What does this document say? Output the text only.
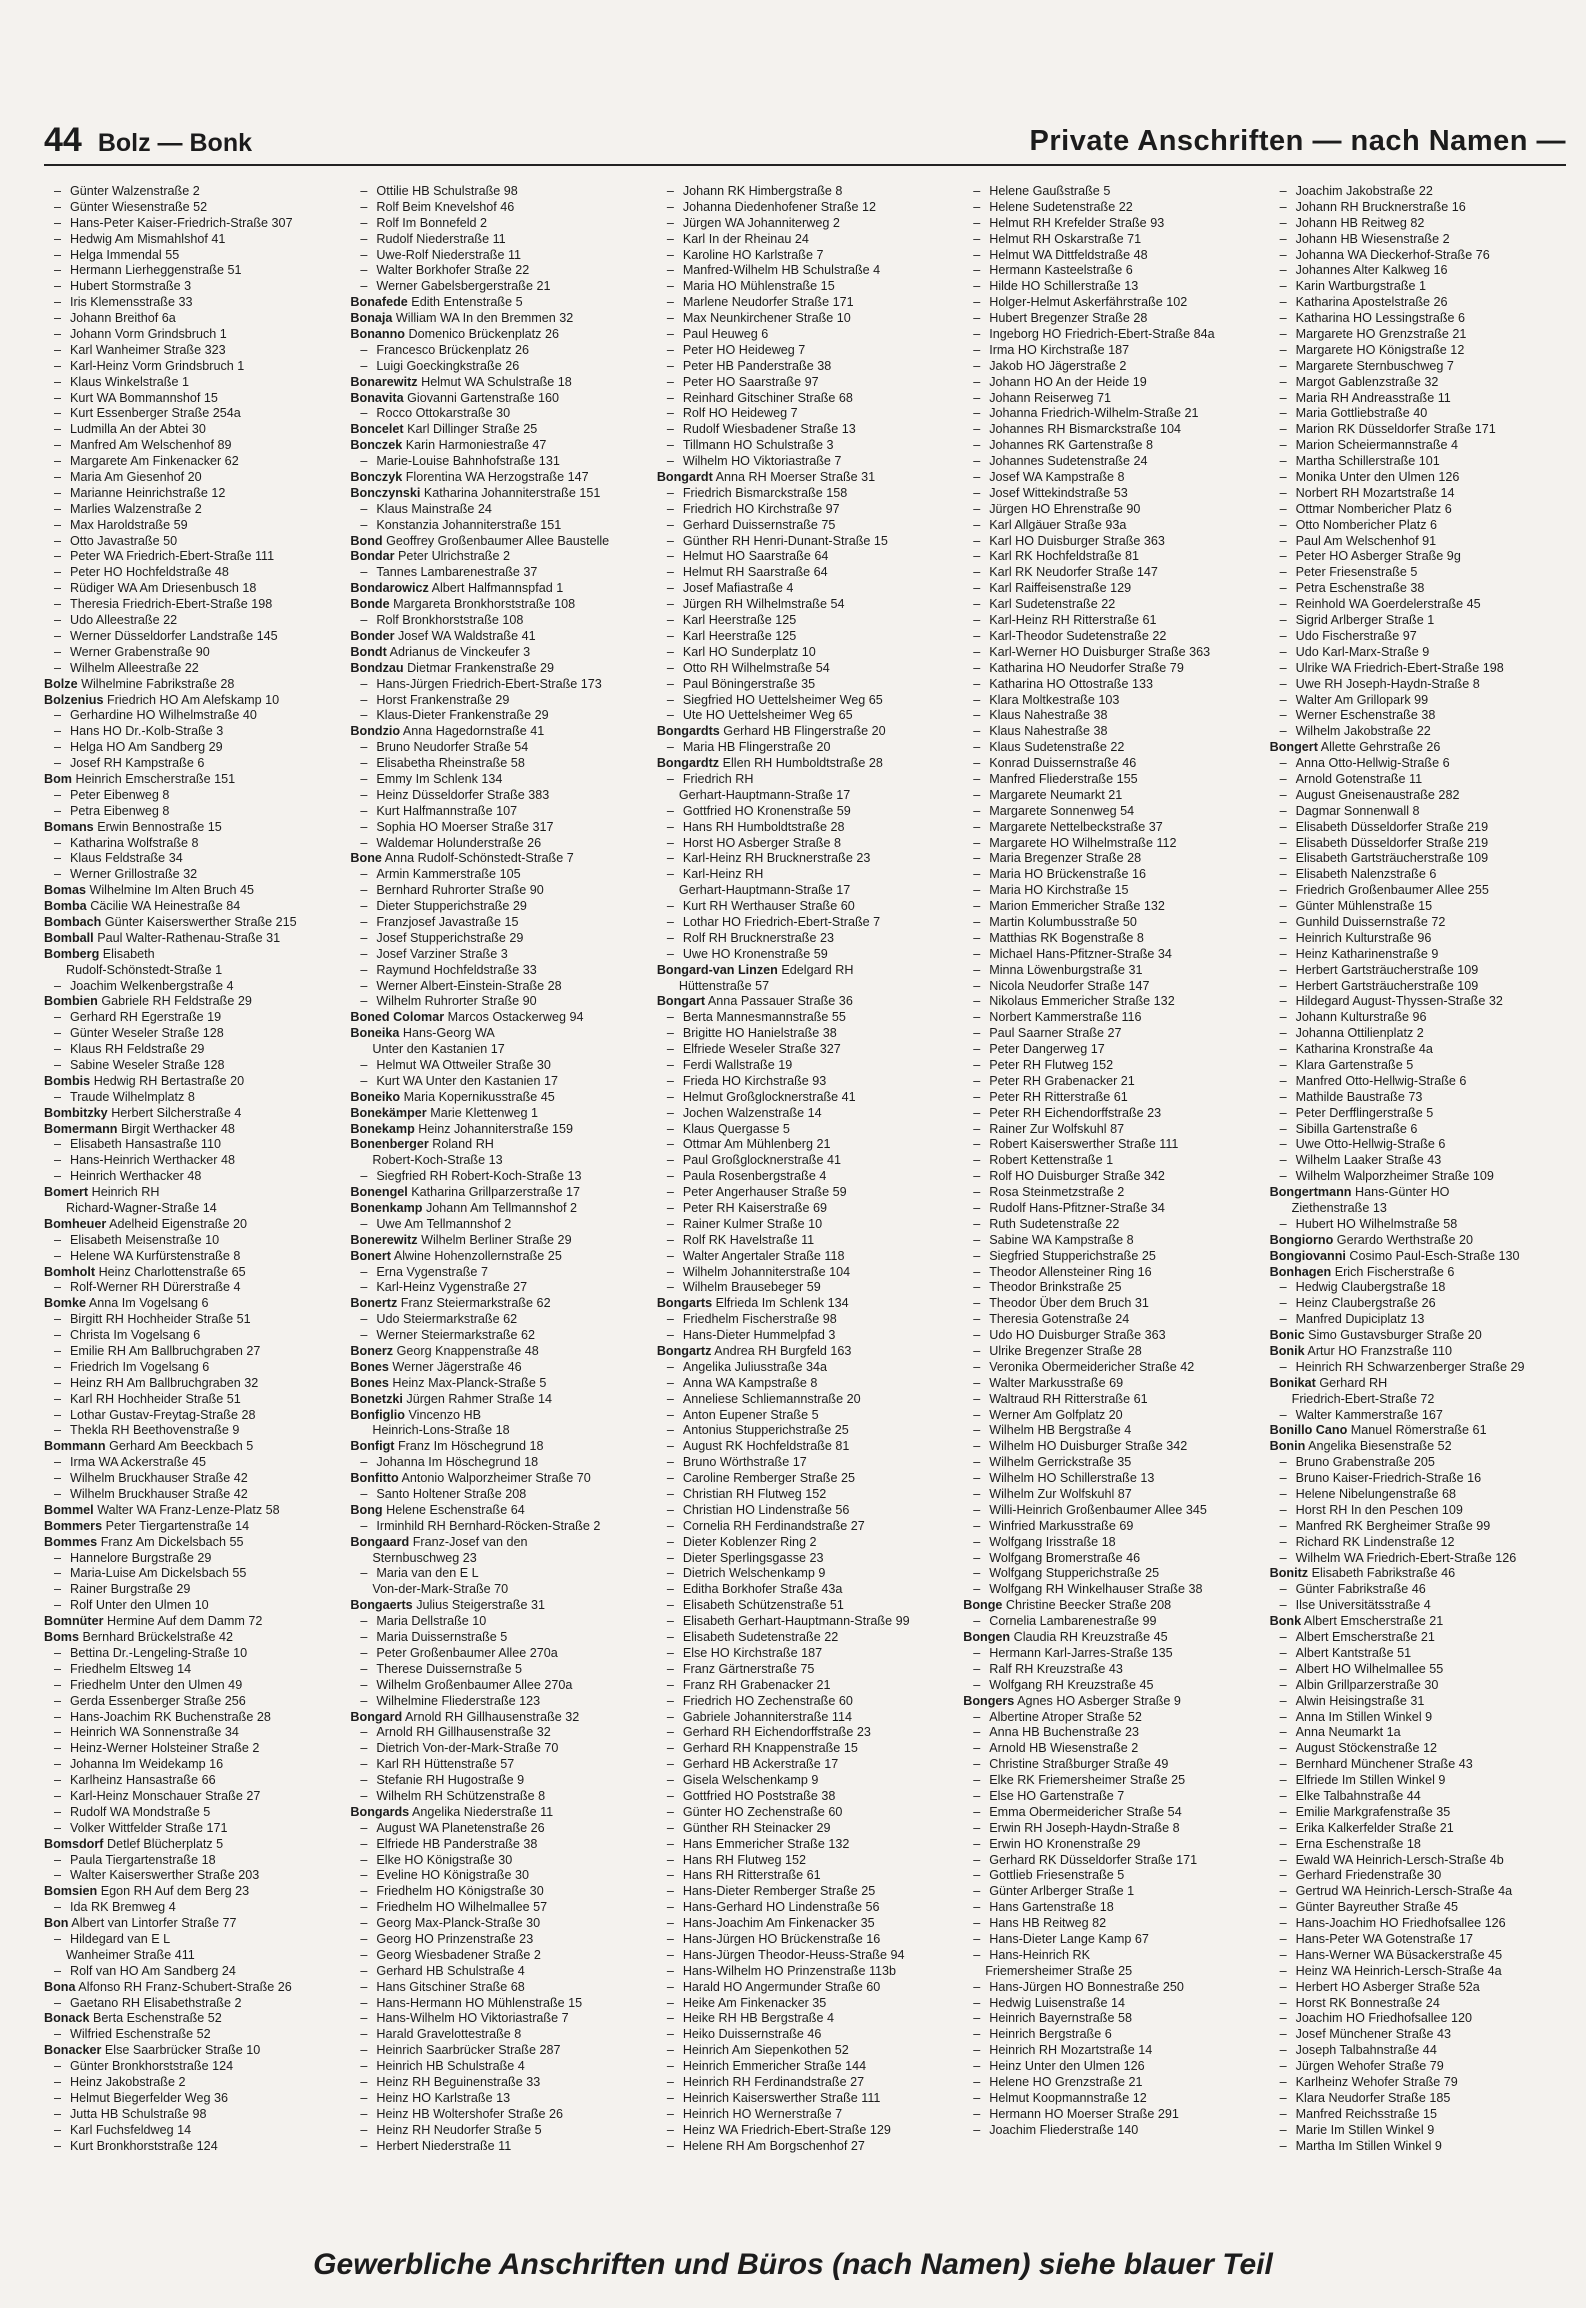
44 Bolz — Bonk	Private Anschriften — nach Namen —
– Günter Walzenstraße 2
– Günter Wiesenstraße 52
– Hans-Peter Kaiser-Friedrich-Straße 307
– Hedwig Am Mismahlshof 41
– Helga Immendal 55
– Hermann Lierheggenstraße 51
– Hubert Stormstraße 3
– Iris Klemensstraße 33
– Johann Breithof 6a
– Johann Vorm Grindsbruch 1
– Karl Wanheimer Straße 323
– Karl-Heinz Vorm Grindsbruch 1
– Klaus Winkelstraße 1
– Kurt WA Bommannshof 15
– Kurt Essenberger Straße 254a
– Ludmilla An der Abtei 30
– Manfred Am Welschenhof 89
– Margarete Am Finkenacker 62
– Maria Am Giesenhof 20
– Marianne Heinrichstraße 12
– Marlies Walzenstraße 2
– Max Haroldstraße 59
– Otto Javastraße 50
– Peter WA Friedrich-Ebert-Straße 111
– Peter HO Hochfeldstraße 48
– Rüdiger WA Am Driesenbusch 18
– Theresia Friedrich-Ebert-Straße 198
– Udo Alleestraße 22
– Werner Düsseldorfer Landstraße 145
– Werner Grabenstraße 90
– Wilhelm Alleestraße 22
Bolze Wilhelmine Fabrikstraße 28
Bolzenius Friedrich HO Am Alefskamp 10
– Gerhardine HO Wilhelmstraße 40
– Hans HO Dr.-Kolb-Straße 3
– Helga HO Am Sandberg 29
– Josef RH Kampstraße 6
Bom Heinrich Emscherstraße 151
– Peter Eibenweg 8
– Petra Eibenweg 8
Bomans Erwin Bennostraße 15
– Katharina Wolfstraße 8
– Klaus Feldstraße 34
– Werner Grillostraße 32
Bomas Wilhelmine Im Alten Bruch 45
Bomba Cäcilie WA Heinestraße 84
Bombach Günter Kaiserswerther Straße 215
Bomball Paul Walter-Rathenau-Straße 31
Bomberg Elisabeth
Rudolf-Schönstedt-Straße 1
– Joachim Welkenbergstraße 4
Bombien Gabriele RH Feldstraße 29
– Gerhard RH Egerstraße 19
– Günter Weseler Straße 128
– Klaus RH Feldstraße 29
– Sabine Weseler Straße 128
Bombis Hedwig RH Bertastraße 20
– Traude Wilhelmplatz 8
Bombitzky Herbert Silcherstraße 4
Bomermann Birgit Werthacker 48
– Elisabeth Hansastraße 110
– Hans-Heinrich Werthacker 48
– Heinrich Werthacker 48
Bomert Heinrich RH
Richard-Wagner-Straße 14
Bomheuer Adelheid Eigenstraße 20
– Elisabeth Meisenstraße 10
– Helene WA Kurfürstenstraße 8
Bomholt Heinz Charlottenstraße 65
– Rolf-Werner RH Dürerstraße 4
Bomke Anna Im Vogelsang 6
– Birgitt RH Hochheider Straße 51
– Christa Im Vogelsang 6
– Emilie RH Am Ballbruchgraben 27
– Friedrich Im Vogelsang 6
– Heinz RH Am Ballbruchgraben 32
– Karl RH Hochheider Straße 51
– Lothar Gustav-Freytag-Straße 28
– Thekla RH Beethovenstraße 9
Bommann Gerhard Am Beeckbach 5
– Irma WA Ackerstraße 45
– Wilhelm Bruckhauser Straße 42
– Wilhelm Bruckhauser Straße 42
Bommel Walter WA Franz-Lenze-Platz 58
Bommers Peter Tiergartenstraße 14
Bommes Franz Am Dickelsbach 55
– Hannelore Burgstraße 29
– Maria-Luise Am Dickelsbach 55
– Rainer Burgstraße 29
– Rolf Unter den Ulmen 10
Bomnüter Hermine Auf dem Damm 72
Boms Bernhard Brückelstraße 42
– Bettina Dr.-Lengeling-Straße 10
– Friedhelm Eltsweg 14
– Friedhelm Unter den Ulmen 49
– Gerda Essenberger Straße 256
– Hans-Joachim RK Buchenstraße 28
– Heinrich WA Sonnenstraße 34
– Heinz-Werner Holsteiner Straße 2
– Johanna Im Weidekamp 16
– Karlheinz Hansastraße 66
– Karl-Heinz Monschauer Straße 27
– Rudolf WA Mondstraße 5
– Volker Wittfelder Straße 171
Bomsdorf Detlef Blücherplatz 5
– Paula Tiergartenstraße 18
– Walter Kaiserswerther Straße 203
Bomsien Egon RH Auf dem Berg 23
– Ida RK Bremweg 4
Bon Albert van Lintorfer Straße 77
– Hildegard van E L
Wanheimer Straße 411
– Rolf van HO Am Sandberg 24
Bona Alfonso RH Franz-Schubert-Straße 26
– Gaetano RH Elisabethstraße 2
Bonack Berta Eschenstraße 52
– Wilfried Eschenstraße 52
Bonacker Else Saarbrücker Straße 10
– Günter Bronkhorststraße 124
– Heinz Jakobstraße 2
– Helmut Biegerfelder Weg 36
– Jutta HB Schulstraße 98
– Karl Fuchsfeldweg 14
– Kurt Bronkhorststraße 124
– Ottilie HB Schulstraße 98
– Rolf Beim Knevelshof 46
– Rolf Im Bonnefeld 2
– Rudolf Niederstraße 11
– Uwe-Rolf Niederstraße 11
– Walter Borkhofer Straße 22
– Werner Gabelsbergerstraße 21
Bonafede Edith Entenstraße 5
Bonaja William WA In den Bremmen 32
Bonanno Domenico Brückenplatz 26
– Francesco Brückenplatz 26
– Luigi Goeckingkstraße 26
Bonarewitz Helmut WA Schulstraße 18
Bonavita Giovanni Gartenstraße 160
– Rocco Ottokarstraße 30
Boncelet Karl Dillinger Straße 25
Bonczek Karin Harmoniestraße 47
– Marie-Louise Bahnhofstraße 131
Bonczyk Florentina WA Herzogstraße 147
Bonczynski Katharina Johanniterstraße 151
– Klaus Mainstraße 24
– Konstanzia Johanniterstraße 151
Bond Geoffrey Großenbaumer Allee Baustelle
Bondar Peter Ulrichstraße 2
– Tannes Lambarenestraße 37
Bondarowicz Albert Halfmannspfad 1
Bonde Margareta Bronkhorststraße 108
– Rolf Bronkhorststraße 108
Bonder Josef WA Waldstraße 41
Bondt Adrianus de Vinckeufer 3
Bondzau Dietmar Frankenstraße 29
– Hans-Jürgen Friedrich-Ebert-Straße 173
– Horst Frankenstraße 29
– Klaus-Dieter Frankenstraße 29
Bondzio Anna Hagedornstraße 41
– Bruno Neudorfer Straße 54
– Elisabetha Rheinstraße 58
– Emmy Im Schlenk 134
– Heinz Düsseldorfer Straße 383
– Kurt Halfmannstraße 107
– Sophia HO Moerser Straße 317
– Waldemar Holunderstraße 26
Bone Anna Rudolf-Schönstedt-Straße 7
– Armin Kammerstraße 105
– Bernhard Ruhrorter Straße 90
– Dieter Stupperichstraße 29
– Franzjosef Javastraße 15
– Josef Stupperichstraße 29
– Josef Varziner Straße 3
– Raymund Hochfeldstraße 33
– Werner Albert-Einstein-Straße 28
– Wilhelm Ruhrorter Straße 90
Boned Colomar Marcos Ostackerweg 94
Boneika Hans-Georg WA
Unter den Kastanien 17
– Helmut WA Ottweiler Straße 30
– Kurt WA Unter den Kastanien 17
Boneiko Maria Kopernikusstraße 45
Bonekämper Marie Klettenweg 1
Bonekamp Heinz Johanniterstraße 159
Bonenberger Roland RH
Robert-Koch-Straße 13
– Siegfried RH Robert-Koch-Straße 13
Bonengel Katharina Grillparzerstraße 17
Bonenkamp Johann Am Tellmannshof 2
– Uwe Am Tellmannshof 2
Bonerewitz Wilhelm Berliner Straße 29
Bonert Alwine Hohenzollernstraße 25
– Erna Vygenstraße 7
– Karl-Heinz Vygenstraße 27
Bonertz Franz Steiermarkstraße 62
– Udo Steiermarkstraße 62
– Werner Steiermarkstraße 62
Bonerz Georg Knappenstraße 48
Bones Werner Jägerstraße 46
Bones Heinz Max-Planck-Straße 5
Bonetzki Jürgen Rahmer Straße 14
Bonfiglio Vincenzo HB
Heinrich-Lons-Straße 18
Bonfigt Franz Im Höschegrund 18
– Johanna Im Höschegrund 18
Bonfitto Antonio Walporzheimer Straße 70
– Santo Holtener Straße 208
Bong Helene Eschenstraße 64
– Irminhild RH Bernhard-Röcken-Straße 2
Bongaard Franz-Josef van den
Sternbuschweg 23
– Maria van den E L
Von-der-Mark-Straße 70
Bongaerts Julius Steigerstraße 31
– Maria Dellstraße 10
– Maria Duissernstraße 5
– Peter Großenbaumer Allee 270a
– Therese Duissernstraße 5
– Wilhelm Großenbaumer Allee 270a
– Wilhelmine Fliederstraße 123
Bongard Arnold RH Gillhausenstraße 32
– Arnold RH Gillhausenstraße 32
– Dietrich Von-der-Mark-Straße 70
– Karl RH Hüttenstraße 57
– Stefanie RH Hugostraße 9
– Wilhelm RH Schützenstraße 8
Bongards Angelika Niederstraße 11
– August WA Planetenstraße 26
– Elfriede HB Panderstraße 38
– Elke HO Königstraße 30
– Eveline HO Königstraße 30
– Friedhelm HO Königstraße 30
– Friedhelm HO Wilhelmallee 57
– Georg Max-Planck-Straße 30
– Georg HO Prinzenstraße 23
– Georg Wiesbadener Straße 2
– Gerhard HB Schulstraße 4
– Hans Gitschiner Straße 68
– Hans-Hermann HO Mühlenstraße 15
– Hans-Wilhelm HO Viktoriastraße 7
– Harald Gravelottestraße 8
– Heinrich Saarbrücker Straße 287
– Heinrich HB Schulstraße 4
– Heinz RH Beguinenstraße 33
– Heinz HO Karlstraße 13
– Heinz HB Woltershofer Straße 26
– Heinz RH Neudorfer Straße 5
– Herbert Niederstraße 11
– Johann RK Himbergstraße 8
– Johanna Diedenhofener Straße 12
– Jürgen WA Johanniterweg 2
– Karl In der Rheinau 24
– Karoline HO Karlstraße 7
– Manfred-Wilhelm HB Schulstraße 4
– Maria HO Mühlenstraße 15
– Marlene Neudorfer Straße 171
– Max Neunkirchener Straße 10
– Paul Heuweg 6
– Peter HO Heideweg 7
– Peter HB Panderstraße 38
– Peter HO Saarstraße 97
– Reinhard Gitschiner Straße 68
– Rolf HO Heideweg 7
– Rudolf Wiesbadener Straße 13
– Tillmann HO Schulstraße 3
– Wilhelm HO Viktoriastraße 7
Bongardt Anna RH Moerser Straße 31
– Friedrich Bismarckstraße 158
– Friedrich HO Kirchstraße 97
– Gerhard Duissernstraße 75
– Günther RH Henri-Dunant-Straße 15
– Helmut HO Saarstraße 64
– Helmut RH Saarstraße 64
– Josef Mafiastraße 4
– Jürgen RH Wilhelmstraße 54
– Karl Heerstraße 125
– Karl Heerstraße 125
– Karl HO Sunderplatz 10
– Otto RH Wilhelmstraße 54
– Paul Böningerstraße 35
– Siegfried HO Uettelsheimer Weg 65
– Ute HO Uettelsheimer Weg 65
Bongardts Gerhard HB Flingerstraße 20
– Maria HB Flingerstraße 20
Bongardtz Ellen RH Humboldtstraße 28
– Friedrich RH
Gerhart-Hauptmann-Straße 17
– Gottfried HO Kronenstraße 59
– Hans RH Humboldtstraße 28
– Horst HO Asberger Straße 8
– Karl-Heinz RH Brucknerstraße 23
– Karl-Heinz RH
Gerhart-Hauptmann-Straße 17
– Kurt RH Werthauser Straße 60
– Lothar HO Friedrich-Ebert-Straße 7
– Rolf RH Brucknerstraße 23
– Uwe HO Kronenstraße 59
Bongard-van Linzen Edelgard RH
Hüttenstraße 57
Bongart Anna Passauer Straße 36
– Berta Mannesmannstraße 55
– Brigitte HO Hanielstraße 38
– Elfriede Weseler Straße 327
– Ferdi Wallstraße 19
– Frieda HO Kirchstraße 93
– Helmut Großglocknerstraße 41
– Jochen Walzenstraße 14
– Klaus Quergasse 5
– Ottmar Am Mühlenberg 21
– Paul Großglocknerstraße 41
– Paula Rosenbergstraße 4
– Peter Angerhauser Straße 59
– Peter RH Kaiserstraße 69
– Rainer Kulmer Straße 10
– Rolf RK Havelstraße 11
– Walter Angertaler Straße 118
– Wilhelm Johanniterstraße 104
– Wilhelm Brausebeger 59
Bongarts Elfrieda Im Schlenk 134
– Friedhelm Fischerstraße 98
– Hans-Dieter Hummelpfad 3
Bongartz Andrea RH Burgfeld 163
– Angelika Juliusstraße 34a
– Anna WA Kampstraße 8
– Anneliese Schliemannstraße 20
– Anton Eupener Straße 5
– Antonius Stupperichstraße 25
– August RK Hochfeldstraße 81
– Bruno Wörthstraße 17
– Caroline Remberger Straße 25
– Christian RH Flutweg 152
– Christian HO Lindenstraße 56
– Cornelia RH Ferdinandstraße 27
– Dieter Koblenzer Ring 2
– Dieter Sperlingsgasse 23
– Dietrich Welschenkamp 9
– Editha Borkhofer Straße 43a
– Elisabeth Schützenstraße 51
– Elisabeth Gerhart-Hauptmann-Straße 99
– Elisabeth Sudetenstraße 22
– Else HO Kirchstraße 187
– Franz Gärtnerstraße 75
– Franz RH Grabenacker 21
– Friedrich HO Zechenstraße 60
– Gabriele Johanniterstraße 114
– Gerhard RH Eichendorffstraße 23
– Gerhard RH Knappenstraße 15
– Gerhard HB Ackerstraße 17
– Gisela Welschenkamp 9
– Gottfried HO Poststraße 38
– Günter HO Zechenstraße 60
– Günther RH Steinacker 29
– Hans Emmericher Straße 132
– Hans RH Flutweg 152
– Hans RH Ritterstraße 61
– Hans-Dieter Remberger Straße 25
– Hans-Gerhard HO Lindenstraße 56
– Hans-Joachim Am Finkenacker 35
– Hans-Jürgen HO Brückenstraße 16
– Hans-Jürgen Theodor-Heuss-Straße 94
– Hans-Wilhelm HO Prinzenstraße 113b
– Harald HO Angermunder Straße 60
– Heike Am Finkenacker 35
– Heike RH HB Bergstraße 4
– Heiko Duissernstraße 46
– Heinrich Am Siepenkothen 52
– Heinrich Emmericher Straße 144
– Heinrich RH Ferdinandstraße 27
– Heinrich Kaiserswerther Straße 111
– Heinrich HO Wernerstraße 7
– Heinz WA Friedrich-Ebert-Straße 129
– Helene RH Am Borgschenhof 27
– Helene Gaußstraße 5
– Helene Sudetenstraße 22
– Helmut RH Krefelder Straße 93
– Helmut RH Oskarstraße 71
– Helmut WA Dittfeldstraße 48
– Hermann Kasteelstraße 6
– Hilde HO Schillerstraße 13
– Holger-Helmut Askerfährstraße 102
– Hubert Bregenzer Straße 28
– Ingeborg HO Friedrich-Ebert-Straße 84a
– Irma HO Kirchstraße 187
– Jakob HO Jägerstraße 2
– Johann HO An der Heide 19
– Johann Reiserweg 71
– Johanna Friedrich-Wilhelm-Straße 21
– Johannes RH Bismarckstraße 104
– Johannes RK Gartenstraße 8
– Johannes Sudetenstraße 24
– Josef WA Kampstraße 8
– Josef Wittekindstraße 53
– Jürgen HO Ehrenstraße 90
– Karl Allgäuer Straße 93a
– Karl HO Duisburger Straße 363
– Karl RK Hochfeldstraße 81
– Karl RK Neudorfer Straße 147
– Karl Raiffeisenstraße 129
– Karl Sudetenstraße 22
– Karl-Heinz RH Ritterstraße 61
– Karl-Theodor Sudetenstraße 22
– Karl-Werner HO Duisburger Straße 363
– Katharina HO Neudorfer Straße 79
– Katharina HO Ottostraße 133
– Klara Moltkestraße 103
– Klaus Nahestraße 38
– Klaus Nahestraße 38
– Klaus Sudetenstraße 22
– Konrad Duissernstraße 46
– Manfred Fliederstraße 155
– Margarete Neumarkt 21
– Margarete Sonnenweg 54
– Margarete Nettelbeckstraße 37
– Margarete HO Wilhelmstraße 112
– Maria Bregenzer Straße 28
– Maria HO Brückenstraße 16
– Maria HO Kirchstraße 15
– Marion Emmericher Straße 132
– Martin Kolumbusstraße 50
– Matthias RK Bogenstraße 8
– Michael Hans-Pfitzner-Straße 34
– Minna Löwenburgstraße 31
– Nicola Neudorfer Straße 147
– Nikolaus Emmericher Straße 132
– Norbert Kammerstraße 116
– Paul Saarner Straße 27
– Peter Dangerweg 17
– Peter RH Flutweg 152
– Peter RH Grabenacker 21
– Peter RH Ritterstraße 61
– Peter RH Eichendorffstraße 23
– Rainer Zur Wolfskuhl 87
– Robert Kaiserswerther Straße 111
– Robert Kettenstraße 1
– Rolf HO Duisburger Straße 342
– Rosa Steinmetzstraße 2
– Rudolf Hans-Pfitzner-Straße 34
– Ruth Sudetenstraße 22
– Sabine WA Kampstraße 8
– Siegfried Stupperichstraße 25
– Theodor Allensteiner Ring 16
– Theodor Brinkstraße 25
– Theodor Über dem Bruch 31
– Theresia Gotenstraße 24
– Udo HO Duisburger Straße 363
– Ulrike Bregenzer Straße 28
– Veronika Obermeidericher Straße 42
– Walter Markusstraße 69
– Waltraud RH Ritterstraße 61
– Werner Am Golfplatz 20
– Wilhelm HB Bergstraße 4
– Wilhelm HO Duisburger Straße 342
– Wilhelm Gerrickstraße 35
– Wilhelm HO Schillerstraße 13
– Wilhelm Zur Wolfskuhl 87
– Willi-Heinrich Großenbaumer Allee 345
– Winfried Markusstraße 69
– Wolfgang Irisstraße 18
– Wolfgang Bromerstraße 46
– Wolfgang Stupperichstraße 25
– Wolfgang RH Winkelhauser Straße 38
Bonge Christine Beecker Straße 208
– Cornelia Lambarenestraße 99
Bongen Claudia RH Kreuzstraße 45
– Hermann Karl-Jarres-Straße 135
– Ralf RH Kreuzstraße 43
– Wolfgang RH Kreuzstraße 45
Bongers Agnes HO Asberger Straße 9
– Albertine Atroper Straße 52
– Anna HB Buchenstraße 23
– Arnold HB Wiesenstraße 2
– Christine Straßburger Straße 49
– Elke RK Friemersheimer Straße 25
– Else HO Gartenstraße 7
– Emma Obermeidericher Straße 54
– Erwin RH Joseph-Haydn-Straße 8
– Erwin HO Kronenstraße 29
– Gerhard RK Düsseldorfer Straße 171
– Gottlieb Friesenstraße 5
– Günter Arlberger Straße 1
– Hans Gartenstraße 18
– Hans HB Reitweg 82
– Hans-Dieter Lange Kamp 67
– Hans-Heinrich RK
Friemersheimer Straße 25
– Hans-Jürgen HO Bonnestraße 250
– Hedwig Luisenstraße 14
– Heinrich Bayernstraße 58
– Heinrich Bergstraße 6
– Heinrich RH Mozartstraße 14
– Heinz Unter den Ulmen 126
– Helene HO Grenzstraße 21
– Helmut Koopmannstraße 12
– Hermann HO Moerser Straße 291
– Joachim Fliederstraße 140
– Joachim Jakobstraße 22
– Johann RH Brucknerstraße 16
– Johann HB Reitweg 82
– Johann HB Wiesenstraße 2
– Johanna WA Dieckerhof-Straße 76
– Johannes Alter Kalkweg 16
– Karin Wartburgstraße 1
– Katharina Apostelstraße 26
– Katharina HO Lessingstraße 6
– Margarete HO Grenzstraße 21
– Margarete HO Königstraße 12
– Margarete Sternbuschweg 7
– Margot Gablenzstraße 32
– Maria RH Andreasstraße 11
– Maria Gottliebstraße 40
– Marion RK Düsseldorfer Straße 171
– Marion Scheiermannstraße 4
– Martha Schillerstraße 101
– Monika Unter den Ulmen 126
– Norbert RH Mozartstraße 14
– Ottmar Nombericher Platz 6
– Otto Nombericher Platz 6
– Paul Am Welschenhof 91
– Peter HO Asberger Straße 9g
– Peter Friesenstraße 5
– Petra Eschenstraße 38
– Reinhold WA Goerdelerstraße 45
– Sigrid Arlberger Straße 1
– Udo Fischerstraße 97
– Udo Karl-Marx-Straße 9
– Ulrike WA Friedrich-Ebert-Straße 198
– Uwe RH Joseph-Haydn-Straße 8
– Walter Am Grillopark 99
– Werner Eschenstraße 38
– Wilhelm Jakobstraße 22
Bongert Allette Gehrstraße 26
– Anna Otto-Hellwig-Straße 6
– Arnold Gotenstraße 11
– August Gneisenaustraße 282
– Dagmar Sonnenwall 8
– Elisabeth Düsseldorfer Straße 219
– Elisabeth Düsseldorfer Straße 219
– Elisabeth Gartsträucherstraße 109
– Elisabeth Nalenzstraße 6
– Friedrich Großenbaumer Allee 255
– Günter Mühlenstraße 15
– Gunhild Duissernstraße 72
– Heinrich Kulturstraße 96
– Heinz Katharinenstraße 9
– Herbert Gartsträucherstraße 109
– Herbert Gartsträucherstraße 109
– Hildegard August-Thyssen-Straße 32
– Johann Kulturstraße 96
– Johanna Ottilienplatz 2
– Katharina Kronstraße 4a
– Klara Gartenstraße 5
– Manfred Otto-Hellwig-Straße 6
– Mathilde Baustraße 73
– Peter Derfflingerstraße 5
– Sibilla Gartenstraße 6
– Uwe Otto-Hellwig-Straße 6
– Wilhelm Laaker Straße 43
– Wilhelm Walporzheimer Straße 109
Bongertmann Hans-Günter HO
Ziethenstraße 13
– Hubert HO Wilhelmstraße 58
Bongiorno Gerardo Werthstraße 20
Bongiovanni Cosimo Paul-Esch-Straße 130
Bonhagen Erich Fischerstraße 6
– Hedwig Claubergstraße 18
– Heinz Claubergstraße 26
– Manfred Dupiciplatz 13
Bonic Simo Gustavsburger Straße 20
Bonik Artur HO Franzstraße 110
– Heinrich RH Schwarzenberger Straße 29
Bonikat Gerhard RH
Friedrich-Ebert-Straße 72
– Walter Kammerstraße 167
Bonillo Cano Manuel Römerstraße 61
Bonin Angelika Biesenstraße 52
– Bruno Grabenstraße 205
– Bruno Kaiser-Friedrich-Straße 16
– Helene Nibelungenstraße 68
– Horst RH In den Peschen 109
– Manfred RK Bergheimer Straße 99
– Richard RK Lindenstraße 12
– Wilhelm WA Friedrich-Ebert-Straße 126
Bonitz Elisabeth Fabrikstraße 46
– Günter Fabrikstraße 46
– Ilse Universitätsstraße 4
Bonk Albert Emscherstraße 21
– Albert Emscherstraße 21
– Albert Kantstraße 51
– Albert HO Wilhelmallee 55
– Albin Grillparzerstraße 30
– Alwin Heisingstraße 31
– Anna Im Stillen Winkel 9
– Anna Neumarkt 1a
– August Stöckenstraße 12
– Bernhard Münchener Straße 43
– Elfriede Im Stillen Winkel 9
– Elke Talbahnstraße 44
– Emilie Markgrafenstraße 35
– Erika Kalkerfelder Straße 21
– Erna Eschenstraße 18
– Ewald WA Heinrich-Lersch-Straße 4b
– Gerhard Friedenstraße 30
– Gertrud WA Heinrich-Lersch-Straße 4a
– Günter Bayreuther Straße 45
– Hans-Joachim HO Friedhofsallee 126
– Hans-Peter WA Gotenstraße 17
– Hans-Werner WA Büsackerstraße 45
– Heinz WA Heinrich-Lersch-Straße 4a
– Herbert HO Asberger Straße 52a
– Horst RK Bonnestraße 24
– Joachim HO Friedhofsallee 120
– Josef Münchener Straße 43
– Joseph Talbahnstraße 44
– Jürgen Wehofer Straße 79
– Karlheinz Wehofer Straße 79
– Klara Neudorfer Straße 185
– Manfred Reichsstraße 15
– Marie Im Stillen Winkel 9
– Martha Im Stillen Winkel 9
Gewerbliche Anschriften und Büros (nach Namen) siehe blauer Teil
